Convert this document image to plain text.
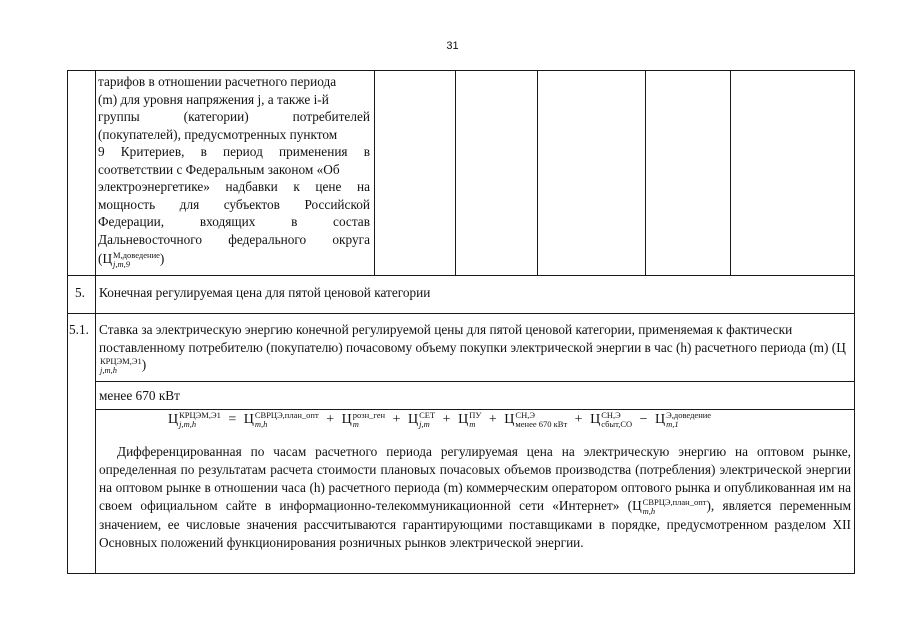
31
тарифов в отношении расчетного периода
(m) для уровня напряжения j, а также i-й
группы (категории) потребителей
(покупателей), предусмотренных пунктом
9 Критериев, в период применения в
соответствии с Федеральным законом «Об
электроэнергетике» надбавки к цене на
мощность для субъектов Российской
Федерации, входящих в состав
Дальневосточного федерального округа
(Ц М,доведение
j,m,9	)
5. Конечная регулируемая цена для пятой ценовой категории
5.1. Ставка за электрическую энергию конечной регулируемой цены для пятой ценовой категории, применяемая к фактически поставленному потребителю (покупателю) почасовому объему покупки электрической энергии в час (h) расчетного периода (m) (Ц
КРЦЭМ,Э1
j,m,h	)
менее 670 кВт
Ц КРЦЭМ,Э1
j,m,h	= Ц СВРЦЭ,план_опт
m,h	+ Ц розн_ген
m	+ Ц СЕТ
j,m + Ц ПУ
m + Ц СН,Э
менее 670 кВт + Ц СН,Э
сбыт,СО − Ц Э,доведение
m,1
Дифференцированная по часам расчетного периода регулируемая цена на электрическую энергию на оптовом рынке, определенная по результатам расчета стоимости плановых почасовых объемов производства (потребления) электрической энергии на оптовом рынке в отношении часа (h) расчетного периода (m) коммерческим оператором оптового рынка и опубликованная им на своем официальном сайте в информационно-телекоммуникационной сети «Интернет» (Ц СВРЦЭ,план_опт
m,h	), является переменным значением, ее числовые значения рассчитываются гарантирующими поставщиками в порядке, предусмотренном разделом XII Основных положений функционирования розничных рынков электрической энергии.
